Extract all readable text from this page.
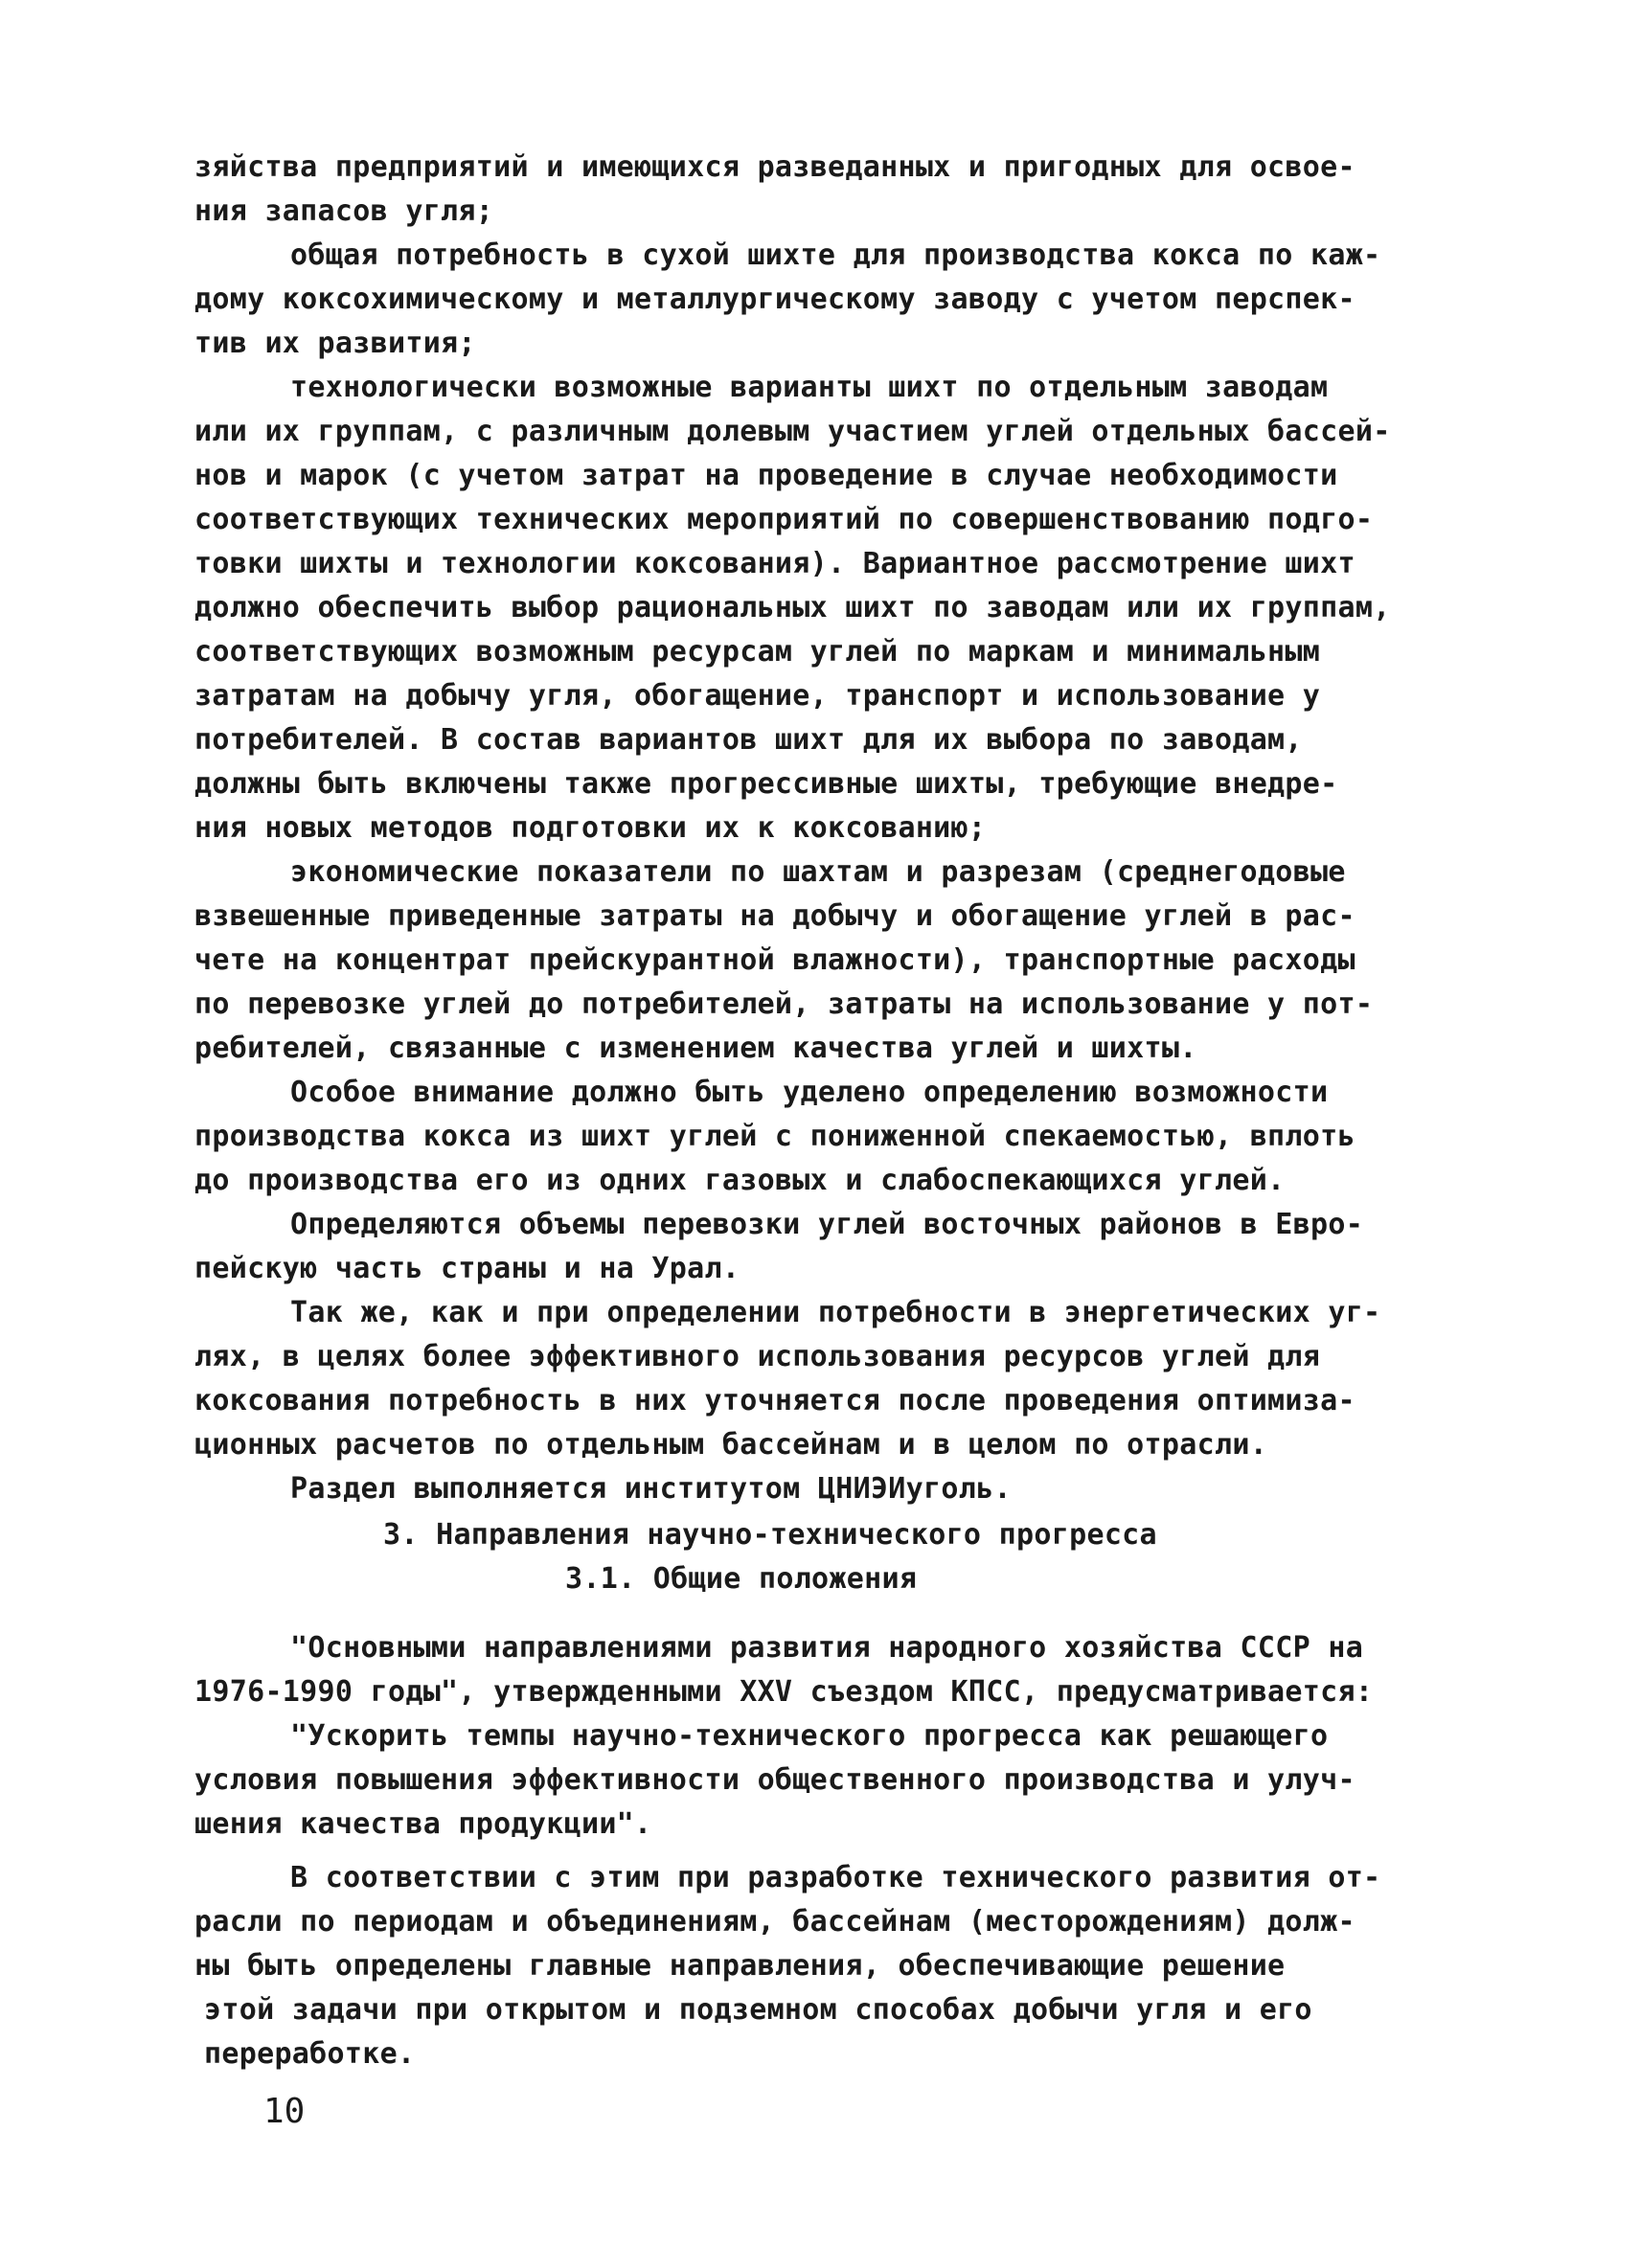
зяйства предприятий и имеющихся разведанных и пригодных для освое-
ния запасов угля;
общая потребность в сухой шихте для производства кокса по каж-
дому коксохимическому и металлургическому заводу с учетом перспек-
тив их развития;
технологически возможные варианты шихт по отдельным заводам
или их группам, с различным долевым участием углей отдельных бассей-
нов и марок (с учетом затрат на проведение в случае необходимости
соответствующих технических мероприятий по совершенствованию подго-
товки шихты и технологии коксования). Вариантное рассмотрение шихт
должно обеспечить выбор рациональных шихт по заводам или их группам,
соответствующих возможным ресурсам углей по маркам и минимальным
затратам на добычу угля, обогащение, транспорт и использование у
потребителей. В состав вариантов шихт для их выбора по заводам,
должны быть включены также прогрессивные шихты, требующие внедре-
ния новых методов подготовки их к коксованию;
экономические показатели по шахтам и разрезам (среднегодовые
взвешенные приведенные затраты на добычу и обогащение углей в рас-
чете на концентрат прейскурантной влажности), транспортные расходы
по перевозке углей до потребителей, затраты на использование у пот-
ребителей, связанные с изменением качества углей и шихты.
Особое внимание должно быть уделено определению возможности
производства кокса из шихт углей с пониженной спекаемостью, вплоть
до производства его из одних газовых и слабоспекающихся углей.
Определяются объемы перевозки углей восточных районов в Евро-
пейскую часть страны и на Урал.
Так же, как и при определении потребности в энергетических уг-
лях, в целях более эффективного использования ресурсов углей для
коксования потребность в них уточняется после проведения оптимиза-
ционных расчетов по отдельным бассейнам и в целом по отрасли.
Раздел выполняется институтом ЦНИЭИуголь.
3. Направления научно-технического прогресса
3.1. Общие положения
"Основными направлениями развития народного хозяйства СССР на
1976-1990 годы", утвержденными XXV съездом КПСС, предусматривается:
"Ускорить темпы научно-технического прогресса как решающего
условия повышения эффективности общественного производства и улуч-
шения качества продукции".
В соответствии с этим при разработке технического развития от-
расли по периодам и объединениям, бассейнам (месторождениям) долж-
ны быть определены главные направления, обеспечивающие решение
этой задачи при открытом и подземном способах добычи угля и его
переработке.
10
